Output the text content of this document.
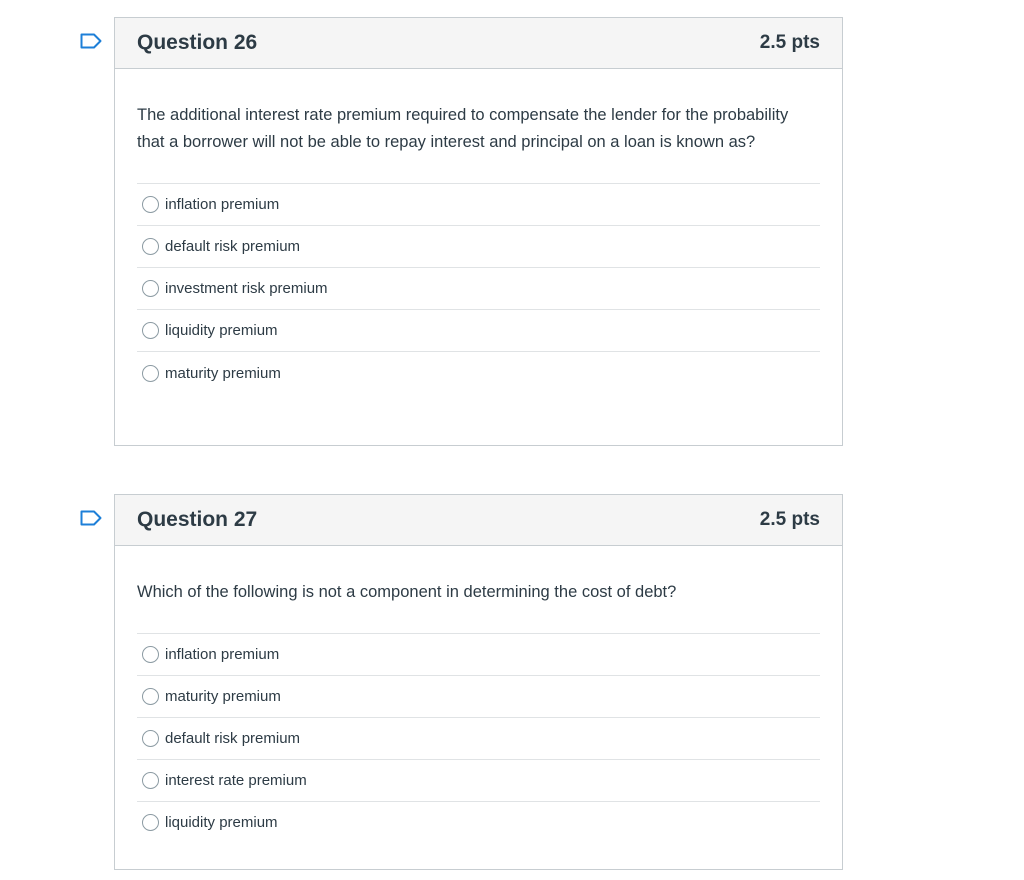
Question 26	2.5 pts

The additional interest rate premium required to compensate the lender for the probability that a borrower will not be able to repay interest and principal on a loan is known as?

inflation premium
default risk premium
investment risk premium
liquidity premium
maturity premium
Question 27	2.5 pts

Which of the following is not a component in determining the cost of debt?

inflation premium
maturity premium
default risk premium
interest rate premium
liquidity premium
